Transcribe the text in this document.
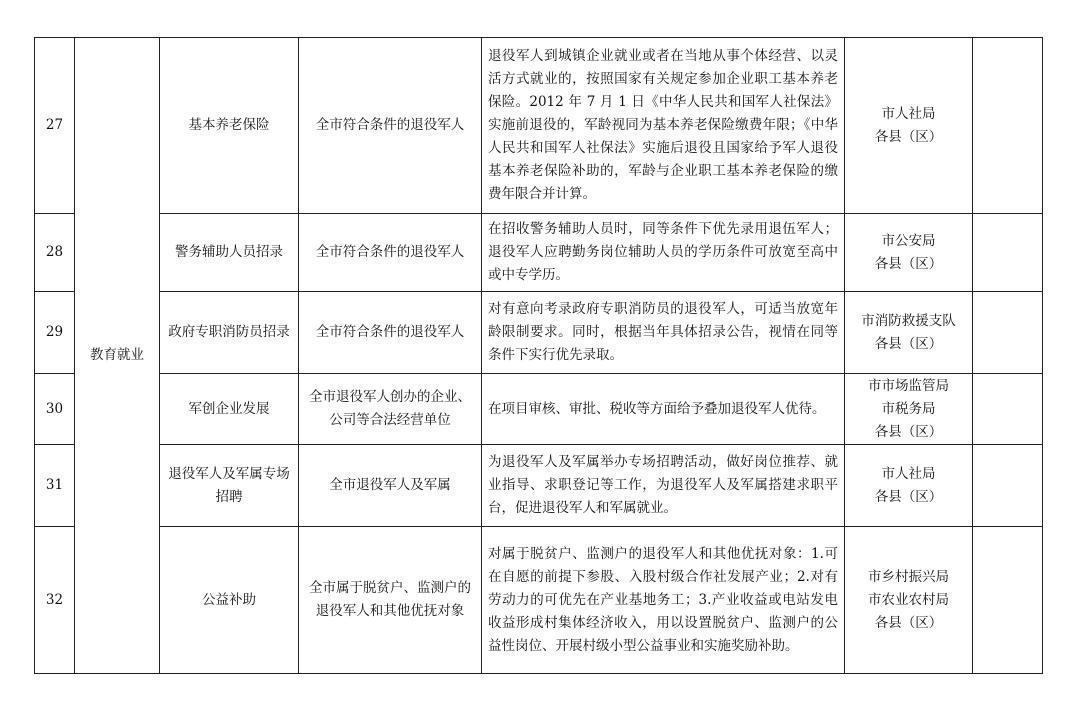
27	教育就业	基本养老保险	全市符合条件的退役军人	退役军人到城镇企业就业或者在当地从事个体经营、以灵活方式就业的，按照国家有关规定参加企业职工基本养老保险。2012 年 7 月 1 日《中华人民共和国军人社保法》实施前退役的，军龄视同为基本养老保险缴费年限；《中华人民共和国军人社保法》实施后退役且国家给予军人退役基本养老保险补助的，军龄与企业职工基本养老保险的缴费年限合并计算。	市人社局
各县（区）	

28		警务辅助人员招录	全市符合条件的退役军人	在招收警务辅助人员时，同等条件下优先录用退伍军人；退役军人应聘勤务岗位辅助人员的学历条件可放宽至高中或中专学历。	市公安局
各县（区）	

29		政府专职消防员招录	全市符合条件的退役军人	对有意向考录政府专职消防员的退役军人，可适当放宽年龄限制要求。同时，根据当年具体招录公告，视情在同等条件下实行优先录取。	市消防救援支队
各县（区）	

30		军创企业发展	全市退役军人创办的企业、公司等合法经营单位	在项目审核、审批、税收等方面给予叠加退役军人优待。	市市场监管局
市税务局
各县（区）	

31		退役军人及军属专场招聘	全市退役军人及军属	为退役军人及军属举办专场招聘活动，做好岗位推荐、就业指导、求职登记等工作，为退役军人及军属搭建求职平台，促进退役军人和军属就业。	市人社局
各县（区）	

32		公益补助	全市属于脱贫户、监测户的退役军人和其他优抚对象	对属于脱贫户、监测户的退役军人和其他优抚对象：1.可在自愿的前提下参股、入股村级合作社发展产业；2.对有劳动力的可优先在产业基地务工；3.产业收益或电站发电收益形成村集体经济收入，用以设置脱贫户、监测户的公益性岗位、开展村级小型公益事业和实施奖励补助。	市乡村振兴局
市农业农村局
各县（区）	
